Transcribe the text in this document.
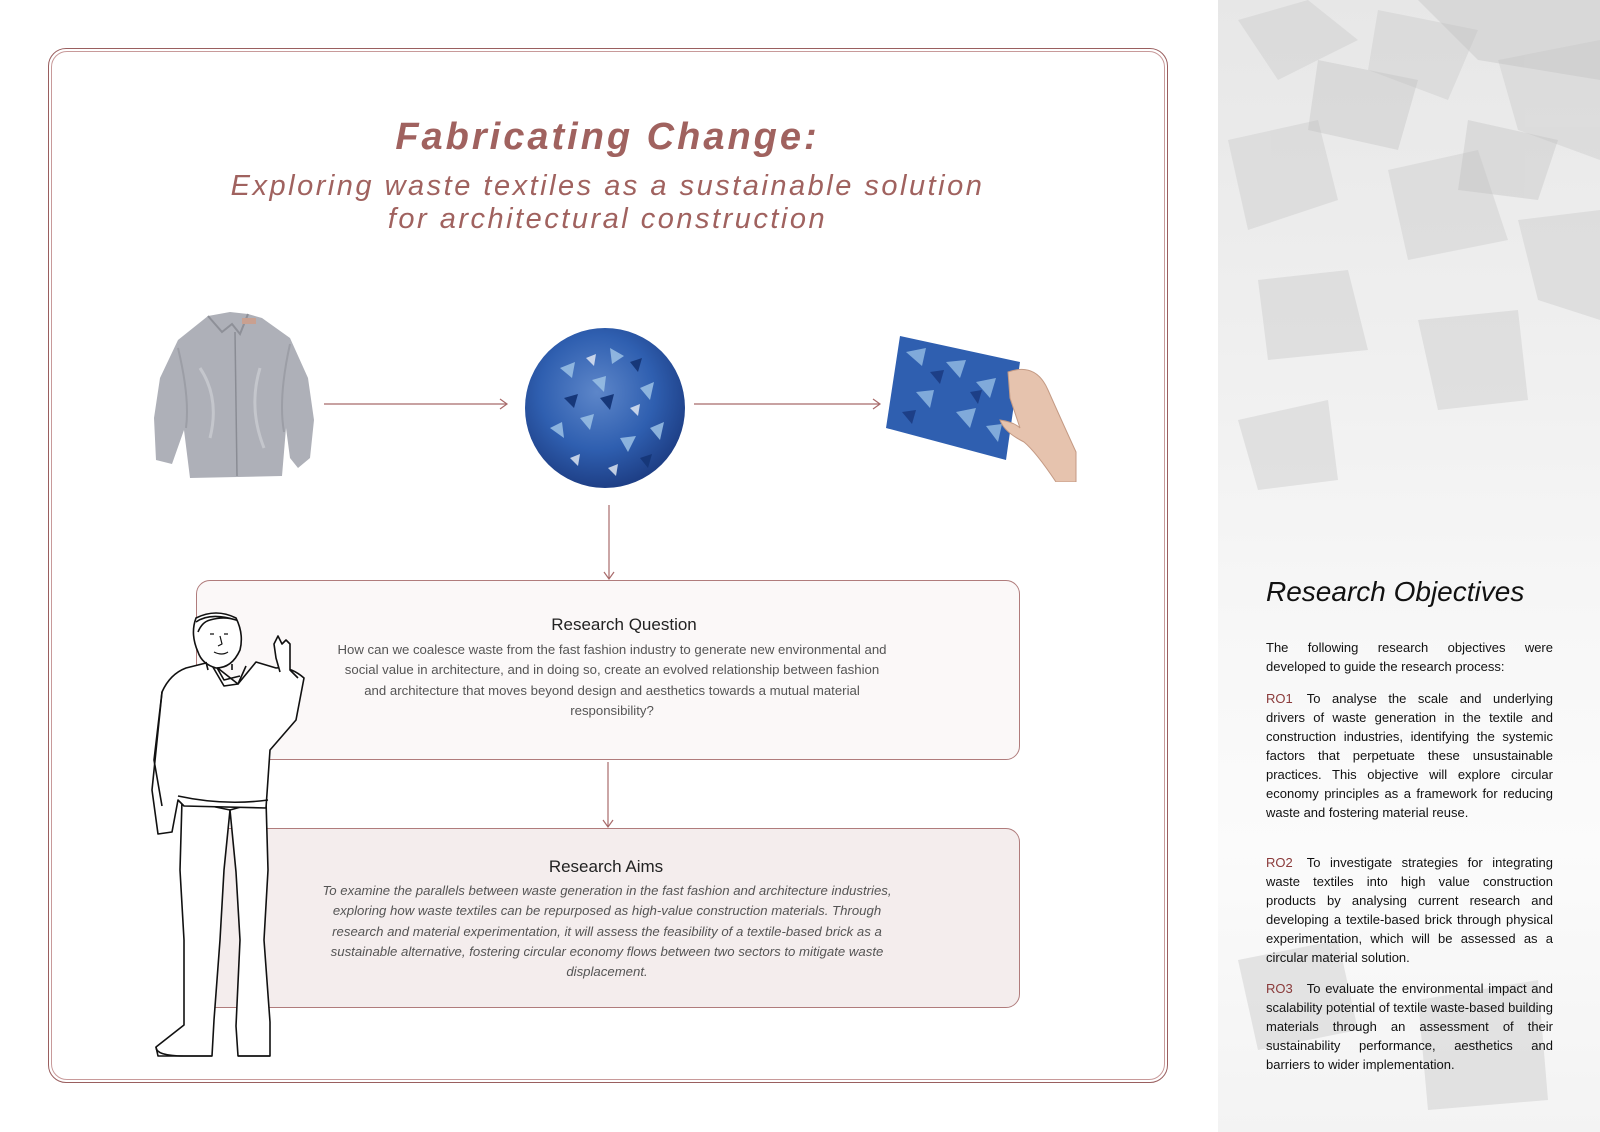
Fabricating Change:
Exploring waste textiles as a sustainable solution
for architectural construction
Research Question

How can we coalesce waste from the fast fashion industry to generate new environmental and social value in architecture, and in doing so, create an evolved relationship between fashion and architecture that moves beyond design and aesthetics towards a mutual material responsibility?

Research Aims

To examine the parallels between waste generation in the fast fashion and architecture industries, exploring how waste textiles can be repurposed as high-value construction materials. Through research and material experimentation, it will assess the feasibility of a textile-based brick as a sustainable alternative, fostering circular economy flows between two sectors to mitigate waste displacement.

Research Objectives

The following research objectives were developed to guide the research process:

RO1 To analyse the scale and underlying drivers of waste generation in the textile and construction industries, identifying the systemic factors that perpetuate these unsustainable practices. This objective will explore circular economy principles as a framework for reducing waste and fostering material reuse.

RO2 To investigate strategies for integrating waste textiles into high value construction products by analysing current research and developing a textile-based brick through physical experimentation, which will be assessed as a circular material solution.

RO3 To evaluate the environmental impact and scalability potential of textile waste-based building materials through an assessment of their sustainability performance, aesthetics and barriers to wider implementation.
